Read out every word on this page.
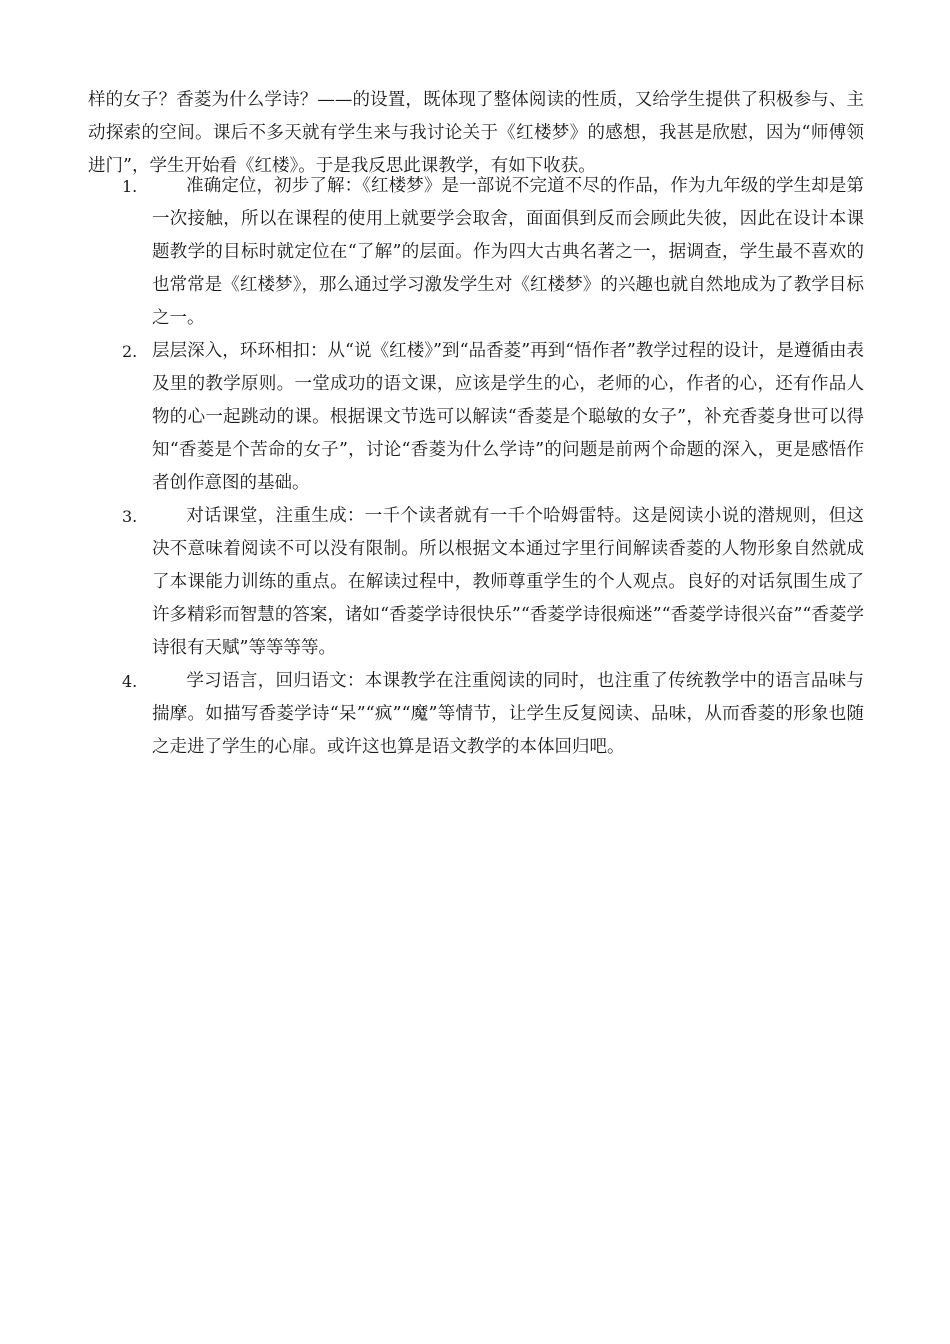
样的女子？香菱为什么学诗？——的设置，既体现了整体阅读的性质，又给学生提供了积极参与、主动探索的空间。课后不多天就有学生来与我讨论关于《红楼梦》的感想，我甚是欣慰，因为“师傅领进门”，学生开始看《红楼》。于是我反思此课教学，有如下收获。

1.	准确定位，初步了解：《红楼梦》是一部说不完道不尽的作品，作为九年级的学生却是第一次接触，所以在课程的使用上就要学会取舍，面面俱到反而会顾此失彼，因此在设计本课题教学的目标时就定位在“了解”的层面。作为四大古典名著之一，据调查，学生最不喜欢的也常常是《红楼梦》，那么通过学习激发学生对《红楼梦》的兴趣也就自然地成为了教学目标之一。
2. 层层深入，环环相扣：从“说《红楼》”到“品香菱”再到“悟作者”教学过程的设计，是遵循由表及里的教学原则。一堂成功的语文课，应该是学生的心，老师的心，作者的心，还有作品人物的心一起跳动的课。根据课文节选可以解读“香菱是个聪敏的女子”，补充香菱身世可以得知“香菱是个苦命的女子”，讨论“香菱为什么学诗”的问题是前两个命题的深入，更是感悟作者创作意图的基础。
3.	对话课堂，注重生成：一千个读者就有一千个哈姆雷特。这是阅读小说的潜规则，但这决不意味着阅读不可以没有限制。所以根据文本通过字里行间解读香菱的人物形象自然就成了本课能力训练的重点。在解读过程中，教师尊重学生的个人观点。良好的对话氛围生成了许多精彩而智慧的答案，诸如“香菱学诗很快乐”“香菱学诗很痴迷”“香菱学诗很兴奋”“香菱学诗很有天赋”等等等等。
4.	学习语言，回归语文：本课教学在注重阅读的同时，也注重了传统教学中的语言品味与揣摩。如描写香菱学诗“呆”“疯”“魔”等情节，让学生反复阅读、品味，从而香菱的形象也随之走进了学生的心扉。或许这也算是语文教学的本体回归吧。
